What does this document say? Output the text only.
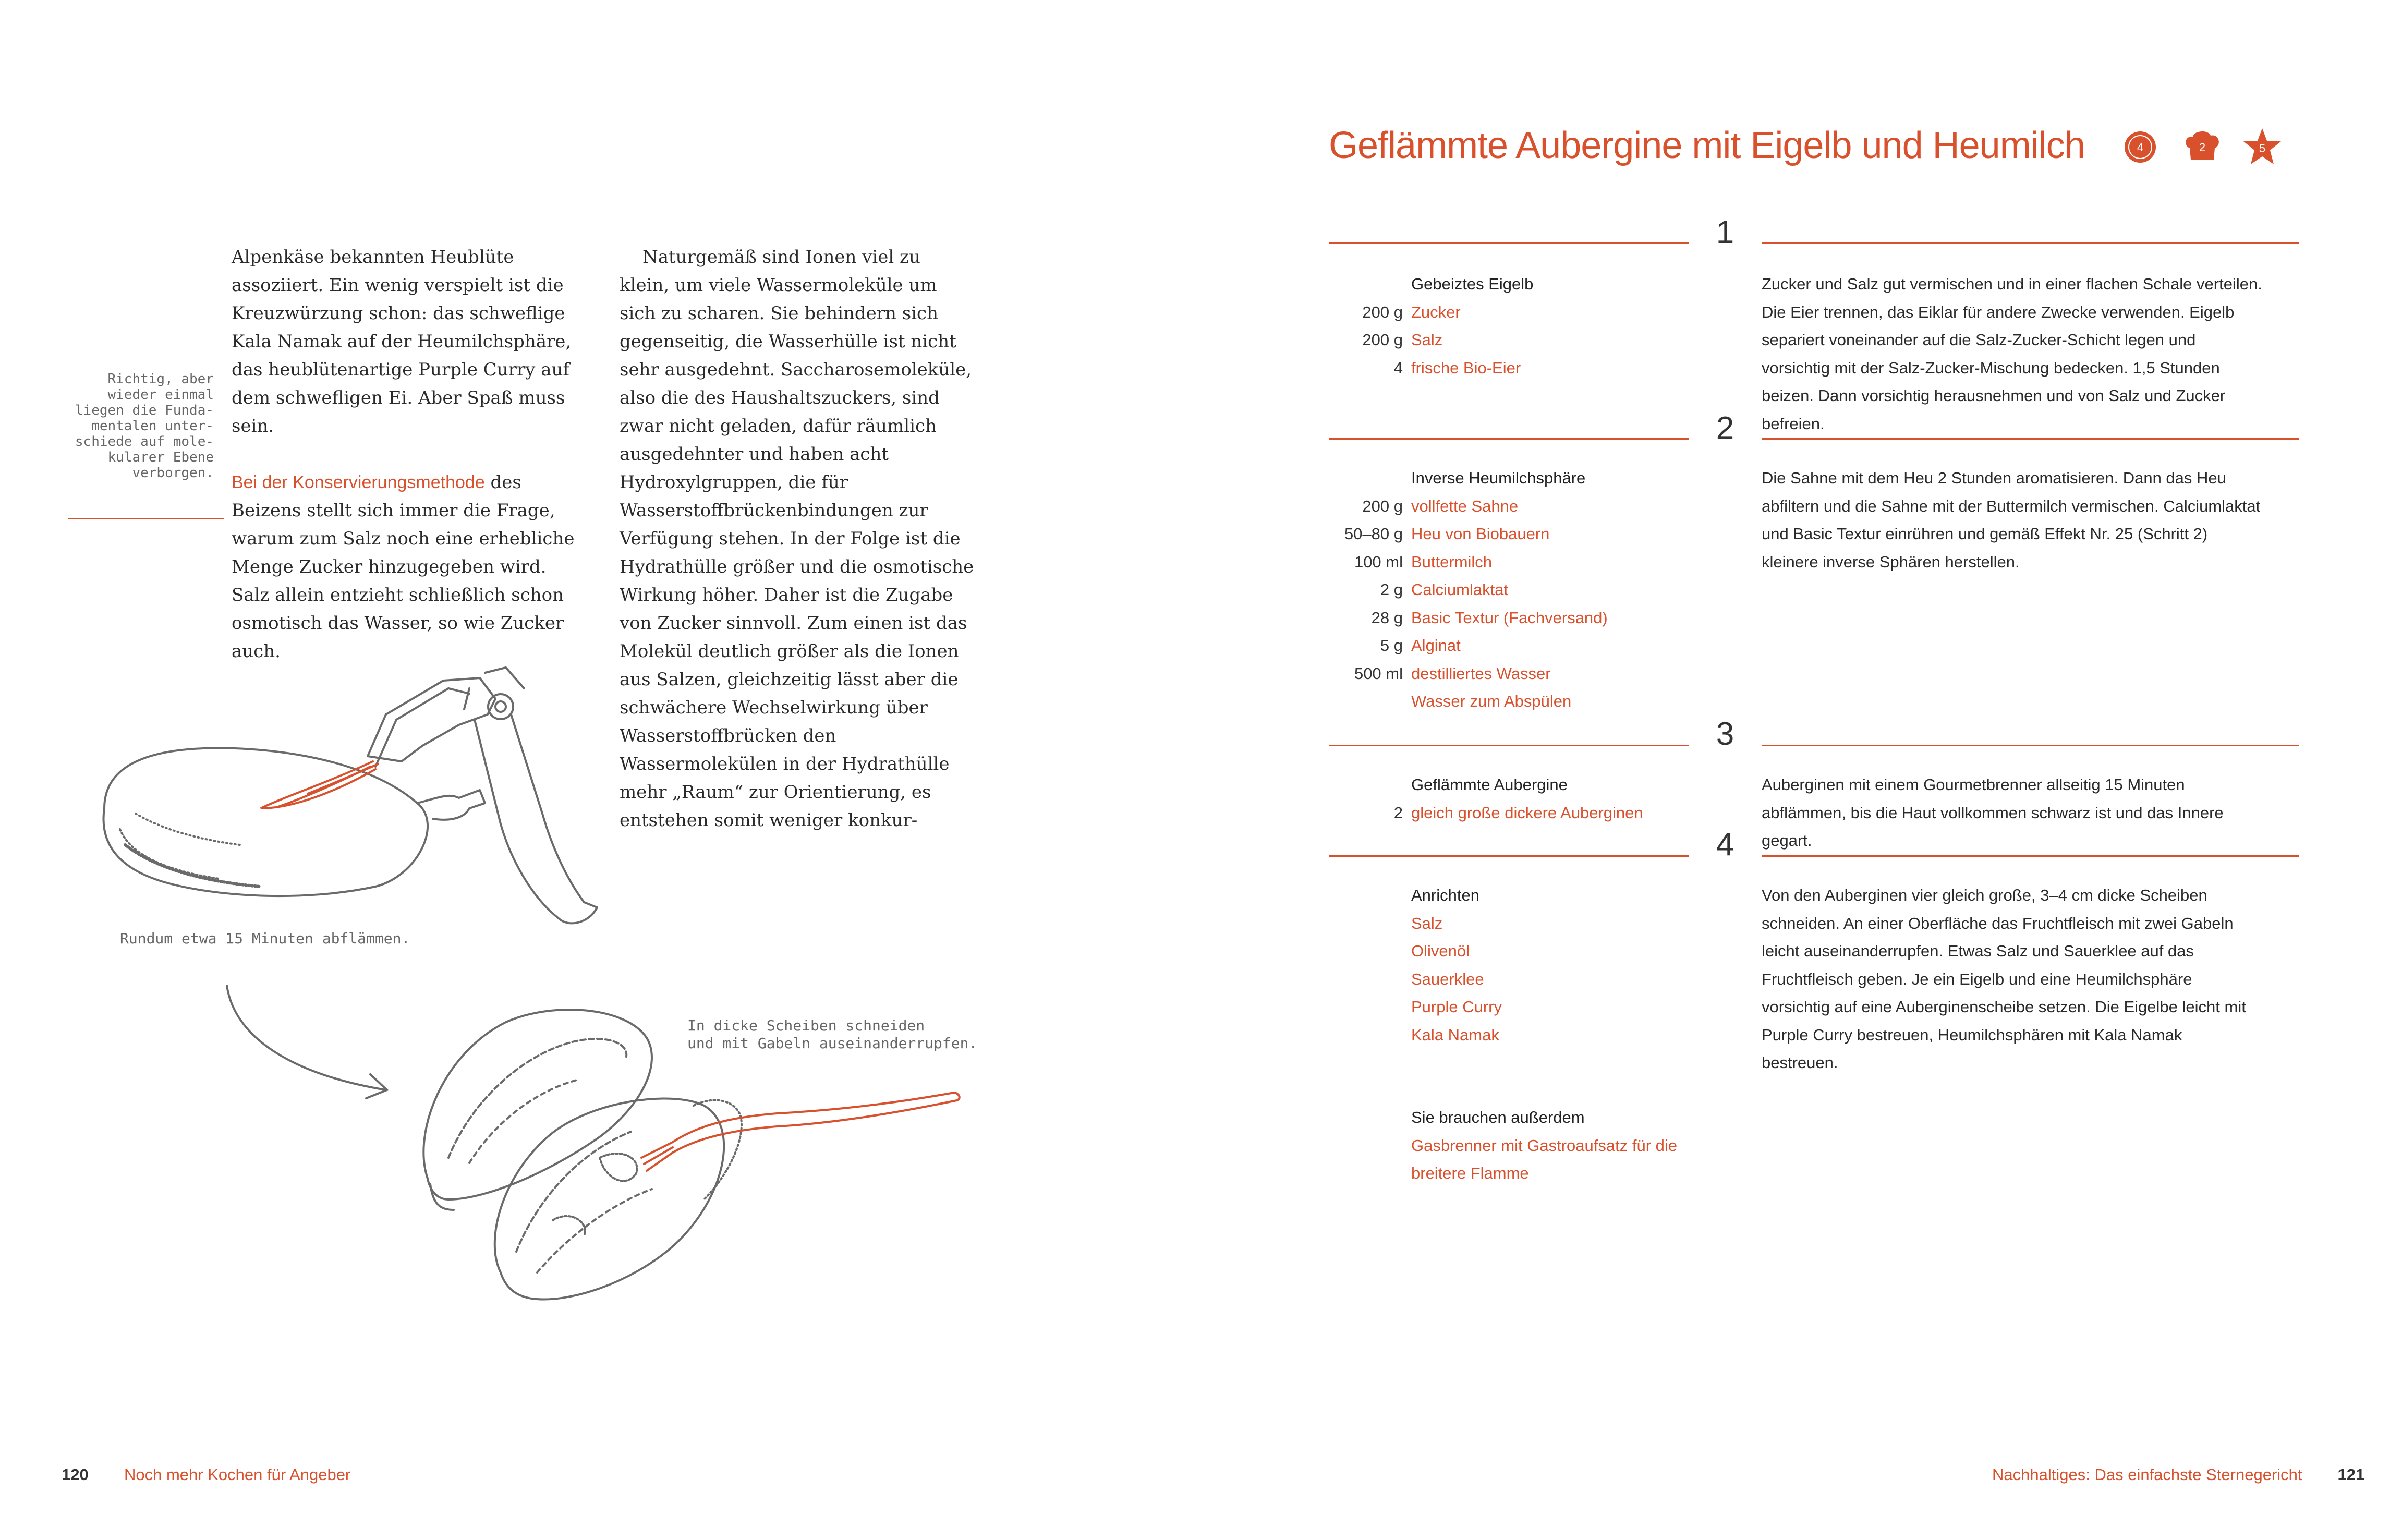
Alpenkäse bekannten Heublüte assoziiert. Ein wenig verspielt ist die Kreuzwürzung schon: das schweflige Kala Namak auf der Heumilchsphäre, das heublütenartige Purple Curry auf dem schwefligen Ei. Aber Spaß muss sein.

Bei der Konservierungsmethode des Beizens stellt sich immer die Frage, warum zum Salz noch eine erhebliche Menge Zucker hinzugegeben wird. Salz allein entzieht schließlich schon osmotisch das Wasser, so wie Zucker auch.

Naturgemäß sind Ionen viel zu klein, um viele Wassermoleküle um sich zu scharen. Sie behindern sich gegenseitig, die Wasserhülle ist nicht sehr ausgedehnt. Saccharosemoleküle, also die des Haushaltszuckers, sind zwar nicht geladen, dafür räumlich ausgedehnter und haben acht Hydroxylgruppen, die für Wasserstoffbrückenbindungen zur Verfügung stehen. In der Folge ist die Hydrathülle größer und die osmotische Wirkung höher. Daher ist die Zugabe von Zucker sinnvoll. Zum einen ist das Molekül deutlich größer als die Ionen aus Salzen, gleichzeitig lässt aber die schwächere Wechselwirkung über Wasserstoffbrücken den Wassermolekülen in der Hydrathülle mehr „Raum“ zur Orientierung, es entstehen somit weniger konkur-

Richtig, aber
wieder einmal
liegen die Funda-
mentalen unter-
schiede auf mole-
kularer Ebene
verborgen.
Rundum etwa 15 Minuten abflämmen.
In dicke Scheiben schneiden
und mit Gabeln auseinanderrupfen.
120	Noch mehr Kochen für Angeber
Geflämmte Aubergine mit Eigelb und Heumilch	4	2	5
1
Gebeiztes Eigelb
200 g Zucker
200 g Salz
4 frische Bio-Eier

Zucker und Salz gut vermischen und in einer flachen Schale verteilen. Die Eier trennen, das Eiklar für andere Zwecke verwenden. Eigelb separiert voneinander auf die Salz-Zucker-Schicht legen und vorsichtig mit der Salz-Zucker-Mischung bedecken. 1,5 Stunden beizen. Dann vorsichtig herausnehmen und von Salz und Zucker befreien.

2
Inverse Heumilchsphäre
200 g vollfette Sahne
50–80 g Heu von Biobauern
100 ml Buttermilch
2 g Calciumlaktat
28 g Basic Textur (Fachversand)
5 g Alginat
500 ml destilliertes Wasser
Wasser zum Abspülen

Die Sahne mit dem Heu 2 Stunden aromatisieren. Dann das Heu abfiltern und die Sahne mit der Buttermilch vermischen. Calciumlaktat und Basic Textur einrühren und gemäß Effekt Nr. 25 (Schritt 2) kleinere inverse Sphären herstellen.

3
Geflämmte Aubergine
2 gleich große dickere Auberginen

Auberginen mit einem Gourmetbrenner allseitig 15 Minuten abflämmen, bis die Haut vollkommen schwarz ist und das Innere gegart.

4
Anrichten
Salz
Olivenöl
Sauerklee
Purple Curry
Kala Namak

Von den Auberginen vier gleich große, 3–4 cm dicke Scheiben schneiden. An einer Oberfläche das Fruchtfleisch mit zwei Gabeln leicht auseinanderrupfen. Etwas Salz und Sauerklee auf das Fruchtfleisch geben. Je ein Eigelb und eine Heumilchsphäre vorsichtig auf eine Auberginenscheibe setzen. Die Eigelbe leicht mit Purple Curry bestreuen, Heumilchsphären mit Kala Namak bestreuen.

Sie brauchen außerdem
Gasbrenner mit Gastroaufsatz für die
breitere Flamme
Nachhaltiges: Das einfachste Sternegericht 121
